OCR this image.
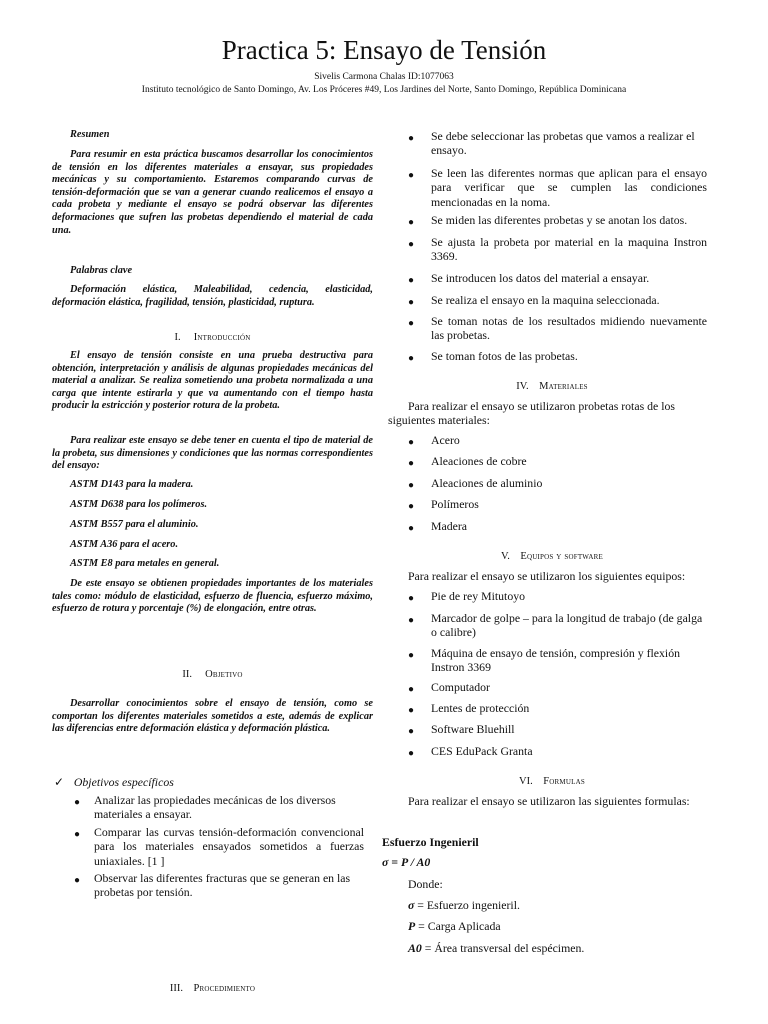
Practica 5: Ensayo de Tensión
Sivelis Carmona Chalas ID:1077063
Instituto tecnológico de Santo Domingo, Av. Los Próceres #49, Los Jardines del Norte, Santo Domingo, República Dominicana
Resumen
Para resumir en esta práctica buscamos desarrollar los conocimientos de tensión en los diferentes materiales a ensayar, sus propiedades mecánicas y su comportamiento. Estaremos comparando curvas de tensión-deformación que se van a generar cuando realicemos el ensayo a cada probeta y mediante el ensayo se podrá observar las diferentes deformaciones que sufren las probetas dependiendo el material de cada una.
Palabras clave
Deformación elástica, Maleabilidad, cedencia, elasticidad, deformación elástica, fragilidad, tensión, plasticidad, ruptura.
I. Introducción
El ensayo de tensión consiste en una prueba destructiva para obtención, interpretación y análisis de algunas propiedades mecánicas del material a analizar. Se realiza sometiendo una probeta normalizada a una carga que intente estirarla y que va aumentando con el tiempo hasta producir la estricción y posterior rotura de la probeta.
Para realizar este ensayo se debe tener en cuenta el tipo de material de la probeta, sus dimensiones y condiciones que las normas correspondientes del ensayo:
ASTM D143 para la madera.
ASTM D638 para los polímeros.
ASTM B557 para el aluminio.
ASTM A36 para el acero.
ASTM E8 para metales en general.
De este ensayo se obtienen propiedades importantes de los materiales tales como: módulo de elasticidad, esfuerzo de fluencia, esfuerzo máximo, esfuerzo de rotura y porcentaje (%) de elongación, entre otras.
II. Objetivo
Desarrollar conocimientos sobre el ensayo de tensión, como se comportan los diferentes materiales sometidos a este, además de explicar las diferencias entre deformación elástica y deformación plástica.
✓ Objetivos específicos
● Analizar las propiedades mecánicas de los diversos materiales a ensayar.
● Comparar las curvas tensión-deformación convencional para los materiales ensayados sometidos a fuerzas uniaxiales. [1 ]
● Observar las diferentes fracturas que se generan en las probetas por tensión.
III. Procedimiento
● Se debe seleccionar las probetas que vamos a realizar el ensayo.
● Se leen las diferentes normas que aplican para el ensayo para verificar que se cumplen las condiciones mencionadas en la noma.
● Se miden las diferentes probetas y se anotan los datos.
● Se ajusta la probeta por material en la maquina Instron 3369.
● Se introducen los datos del material a ensayar.
● Se realiza el ensayo en la maquina seleccionada.
● Se toman notas de los resultados midiendo nuevamente las probetas.
● Se toman fotos de las probetas.
IV. Materiales
Para realizar el ensayo se utilizaron probetas rotas de los siguientes materiales:
● Acero
● Aleaciones de cobre
● Aleaciones de aluminio
● Polímeros
● Madera
V. Equipos y software
Para realizar el ensayo se utilizaron los siguientes equipos:
● Pie de rey Mitutoyo
● Marcador de golpe – para la longitud de trabajo (de galga o calibre)
● Máquina de ensayo de tensión, compresión y flexión Instron 3369
● Computador
● Lentes de protección
● Software Bluehill
● CES EduPack Granta
VI. Formulas
Para realizar el ensayo se utilizaron las siguientes formulas:
Esfuerzo Ingenieril
σ = P / A0
Donde:
σ = Esfuerzo ingenieril.
P = Carga Aplicada
A0 = Área transversal del espécimen.
